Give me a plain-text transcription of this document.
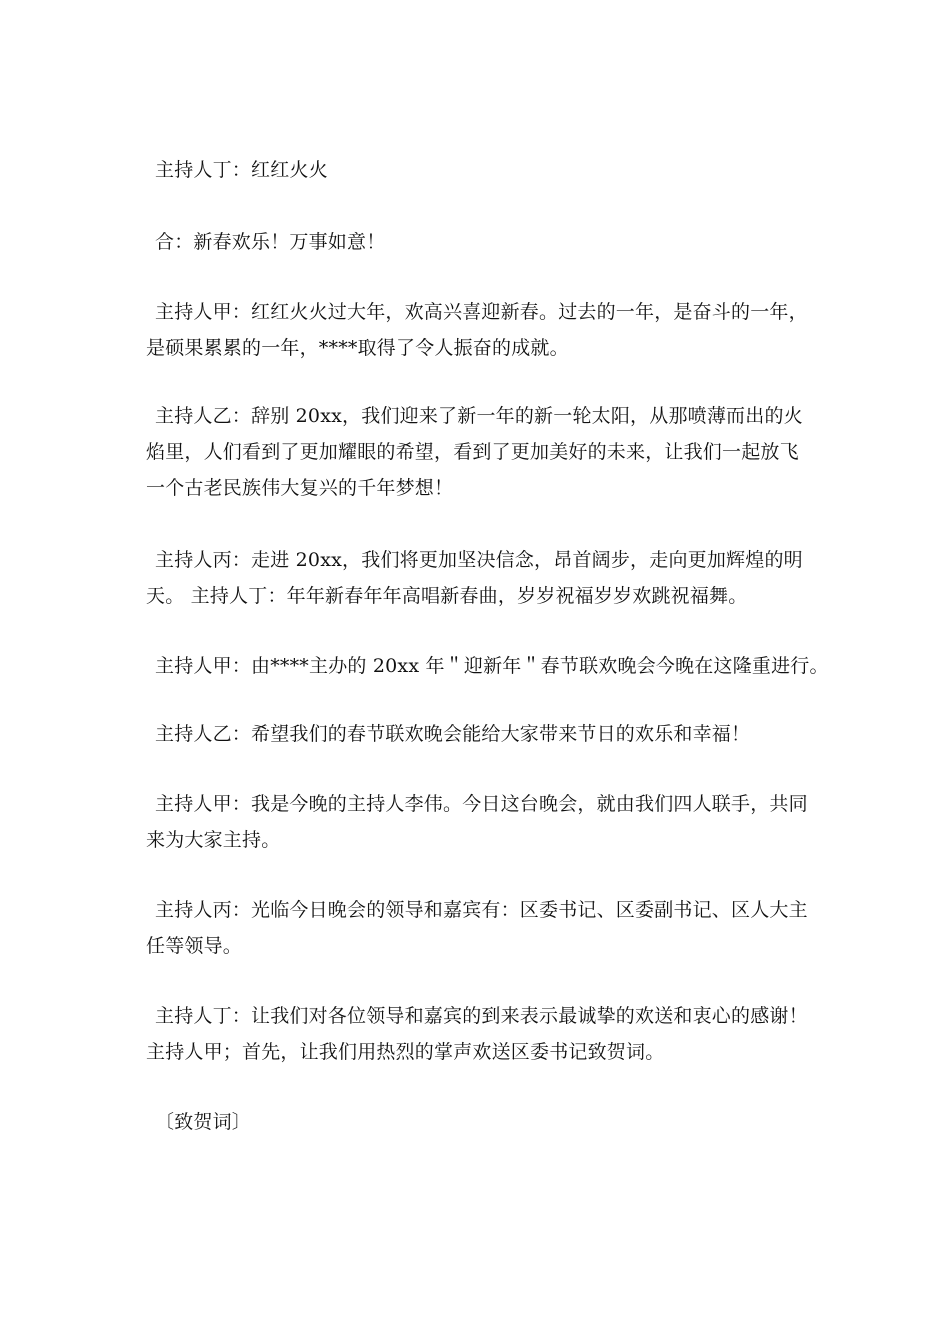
主持人丁：红红火火
合：新春欢乐！万事如意！
主持人甲：红红火火过大年，欢高兴喜迎新春。过去的一年，是奋斗的一年，
是硕果累累的一年，****取得了令人振奋的成就。
主持人乙：辞别 20xx，我们迎来了新一年的新一轮太阳，从那喷薄而出的火
焰里，人们看到了更加耀眼的希望，看到了更加美好的未来，让我们一起放飞
一个古老民族伟大复兴的千年梦想！
主持人丙：走进 20xx，我们将更加坚决信念，昂首阔步，走向更加辉煌的明
天。 主持人丁：年年新春年年高唱新春曲，岁岁祝福岁岁欢跳祝福舞。
主持人甲：由****主办的 20xx 年＂迎新年＂春节联欢晚会今晚在这隆重进行。
主持人乙：希望我们的春节联欢晚会能给大家带来节日的欢乐和幸福！
主持人甲：我是今晚的主持人李伟。今日这台晚会，就由我们四人联手，共同
来为大家主持。
主持人丙：光临今日晚会的领导和嘉宾有：区委书记、区委副书记、区人大主
任等领导。
主持人丁：让我们对各位领导和嘉宾的到来表示最诚挚的欢送和衷心的感谢！
主持人甲；首先，让我们用热烈的掌声欢送区委书记致贺词。
〔致贺词〕
